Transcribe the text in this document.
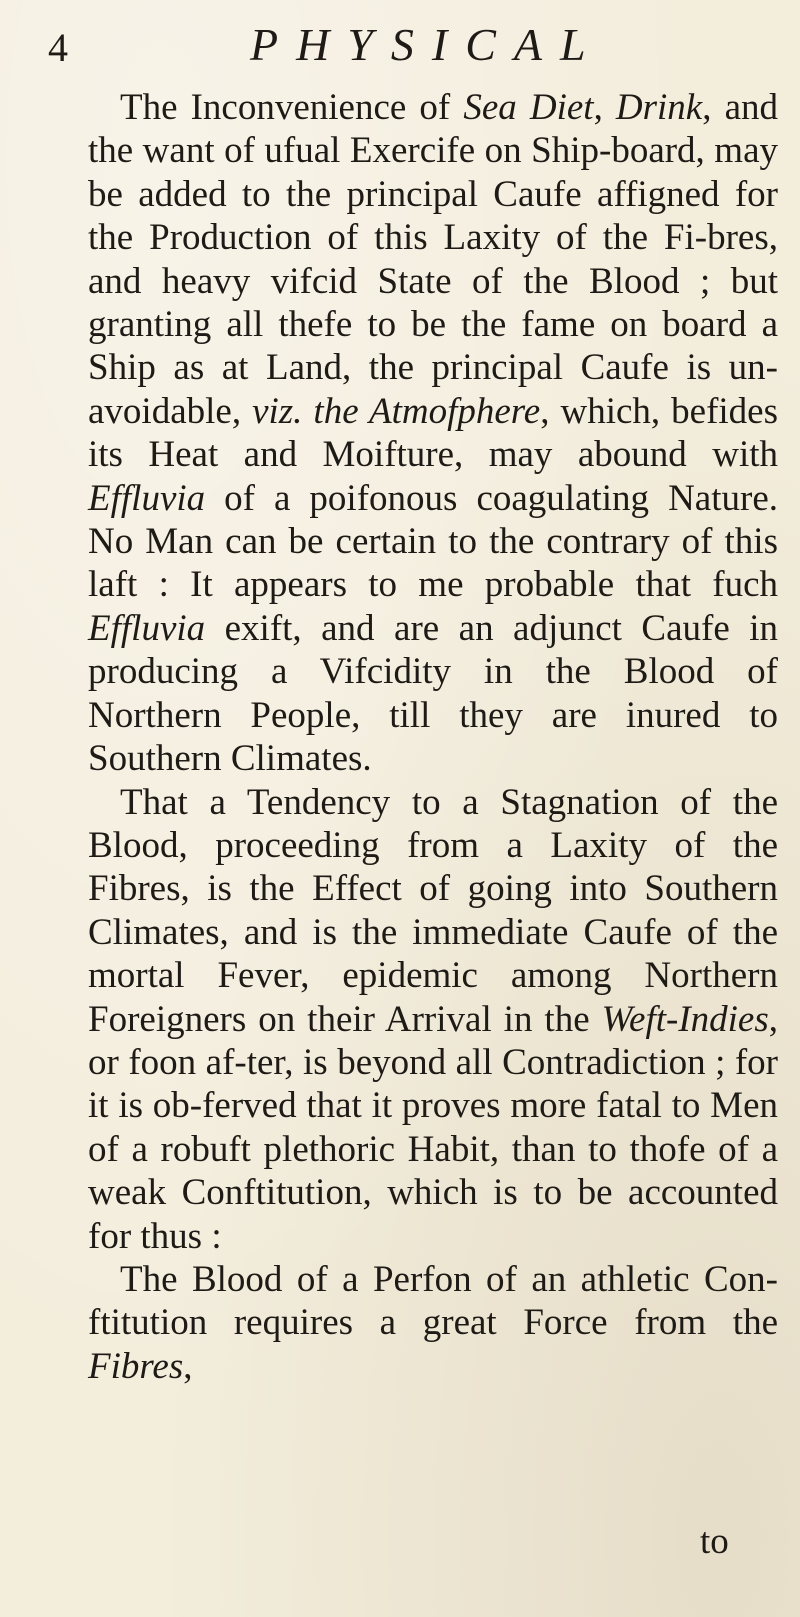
4	PHYSICAL

The Inconvenience of Sea Diet, Drink, and the want of ufual Exercife on Ship-board, may be added to the principal Caufe affigned for the Production of this Laxity of the Fi-bres, and heavy vifcid State of the Blood ; but granting all thefe to be the fame on board a Ship as at Land, the principal Caufe is un-avoidable, viz. the Atmofphere, which, befides its Heat and Moifture, may abound with Effluvia of a poifonous coagulating Nature. No Man can be certain to the contrary of this laft : It appears to me probable that fuch Effluvia exift, and are an adjunct Caufe in producing a Vifcidity in the Blood of Northern People, till they are inured to Southern Climates.

That a Tendency to a Stagnation of the Blood, proceeding from a Laxity of the Fibres, is the Effect of going into Southern Climates, and is the immediate Caufe of the mortal Fever, epidemic among Northern Foreigners on their Arrival in the Weft-Indies, or foon af-ter, is beyond all Contradiction ; for it is ob-ferved that it proves more fatal to Men of a robuft plethoric Habit, than to thofe of a weak Conftitution, which is to be accounted for thus :

The Blood of a Perfon of an athletic Con-ftitution requires a great Force from the Fibres,

to
